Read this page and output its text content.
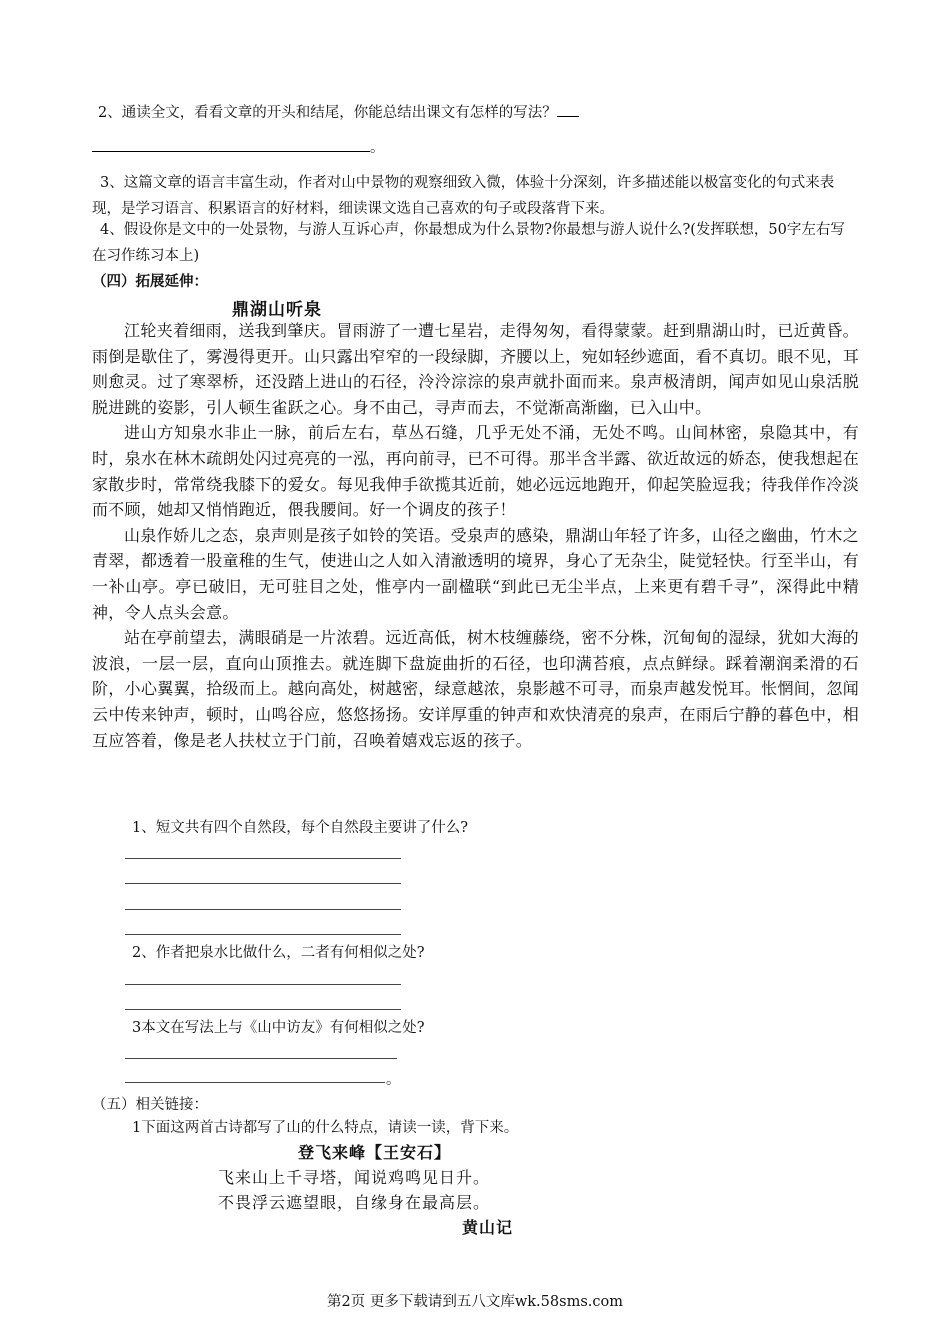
2、通读全文，看看文章的开头和结尾，你能总结出课文有怎样的写法？
。
3、这篇文章的语言丰富生动，作者对山中景物的观察细致入微，体验十分深刻，许多描述能以极富变化的句式来表现，是学习语言、积累语言的好材料，细读课文选自己喜欢的句子或段落背下来。
4、假设你是文中的一处景物，与游人互诉心声，你最想成为什么景物?你最想与游人说什么?(发挥联想，50字左右写在习作练习本上)
（四）拓展延伸：
鼎湖山听泉

江轮夹着细雨，送我到肇庆。冒雨游了一遭七星岩，走得匆匆，看得蒙蒙。赶到鼎湖山时，已近黄昏。雨倒是歇住了，雾漫得更开。山只露出窄窄的一段绿脚，齐腰以上，宛如轻纱遮面，看不真切。眼不见，耳则愈灵。过了寒翠桥，还没踏上进山的石径，泠泠淙淙的泉声就扑面而来。泉声极清朗，闻声如见山泉活脱脱进跳的姿影，引人顿生雀跃之心。身不由己，寻声而去，不觉渐高渐幽，已入山中。

进山方知泉水非止一脉，前后左右，草丛石缝，几乎无处不涌，无处不鸣。山间林密，泉隐其中，有时，泉水在林木疏朗处闪过亮亮的一泓，再向前寻，已不可得。那半含半露、欲近故远的娇态，使我想起在家散步时，常常绕我膝下的爱女。每见我伸手欲揽其近前，她必远远地跑开，仰起笑脸逗我；待我佯作冷淡而不顾，她却又悄悄跑近，偎我腰间。好一个调皮的孩子！

山泉作娇儿之态，泉声则是孩子如铃的笑语。受泉声的感染，鼎湖山年轻了许多，山径之幽曲，竹木之青翠，都透着一股童稚的生气，使进山之人如入清澈透明的境界，身心了无杂尘，陡觉轻快。行至半山，有一补山亭。亭已破旧，无可驻目之处，惟亭内一副楹联“到此已无尘半点，上来更有碧千寻”，深得此中精神，令人点头会意。

站在亭前望去，满眼硝是一片浓碧。远近高低，树木枝缠藤绕，密不分株，沉甸甸的湿绿，犹如大海的波浪，一层一层，直向山顶推去。就连脚下盘旋曲折的石径，也印满苔痕，点点鲜绿。踩着潮润柔滑的石阶，小心翼翼，拾级而上。越向高处，树越密，绿意越浓，泉影越不可寻，而泉声越发悦耳。怅惘间，忽闻云中传来钟声，顿时，山鸣谷应，悠悠扬扬。安详厚重的钟声和欢快清亮的泉声，在雨后宁静的暮色中，相互应答着，像是老人扶杖立于门前，召唤着嬉戏忘返的孩子。

1、短文共有四个自然段，每个自然段主要讲了什么?
2、作者把泉水比做什么，二者有何相似之处?
3本文在写法上与《山中访友》有何相似之处?
。
（五）相关链接：
1下面这两首古诗都写了山的什么特点，请读一读，背下来。
登飞来峰【王安石】
飞来山上千寻塔，闻说鸡鸣见日升。
不畏浮云遮望眼，自缘身在最高层。
黄山记
第2页 更多下载请到五八文库wk.58sms.com
